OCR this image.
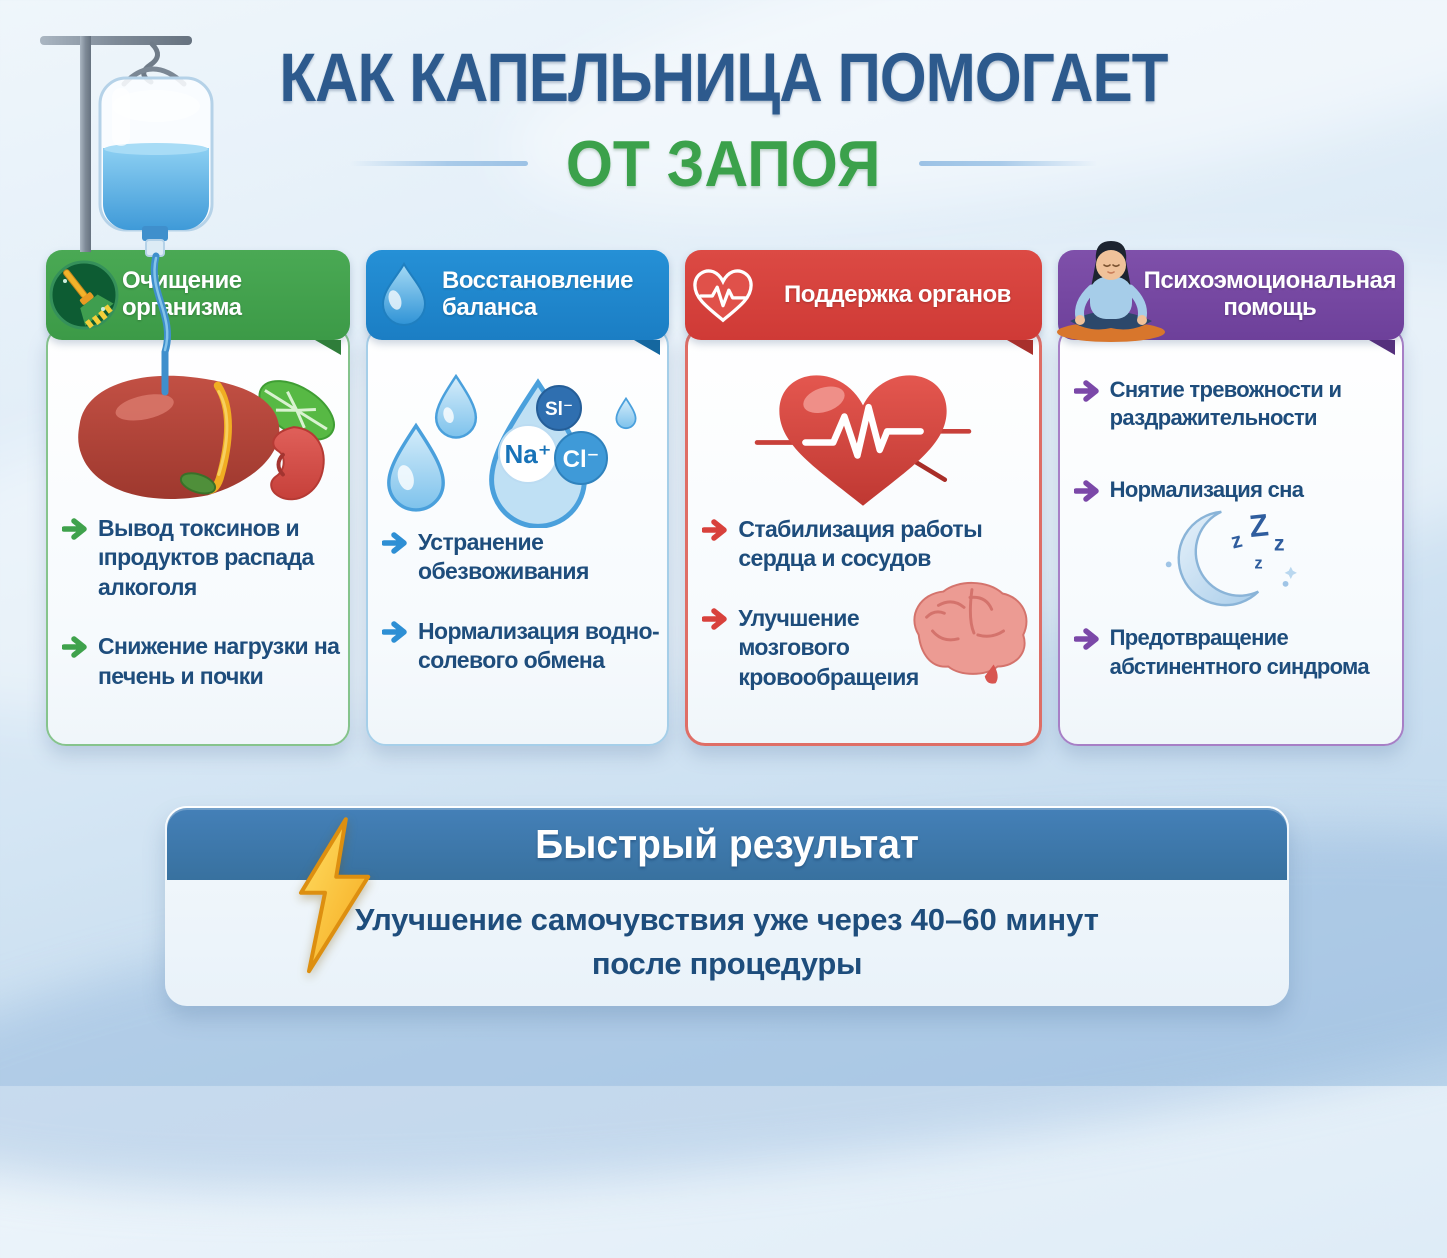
КАК КАПЕЛЬНИЦА ПОМОГАЕТ
ОТ ЗАПОЯ
Очищение организма
Вывод токсинов и ıпродуктов распада алкоголя
Снижение нагрузки на печень и почки
Восстановление баланса
Sl⁻
Na⁺ Cl⁻
Устранение обезвоживания
Нормализация водно-солевого обмена
Поддержка органов
Стабилизация работы сердца и сосудов
Улучшение мозгового кровообращеıия
Психоэмоциональная помощь
Снятие тревожности и раздражительности
Нормализация сна
z Z z
z
Предотвращение абстинентного синдрома
Быстрый результат
Улучшение самочувствия уже через 40–60 минут
после процедуры
